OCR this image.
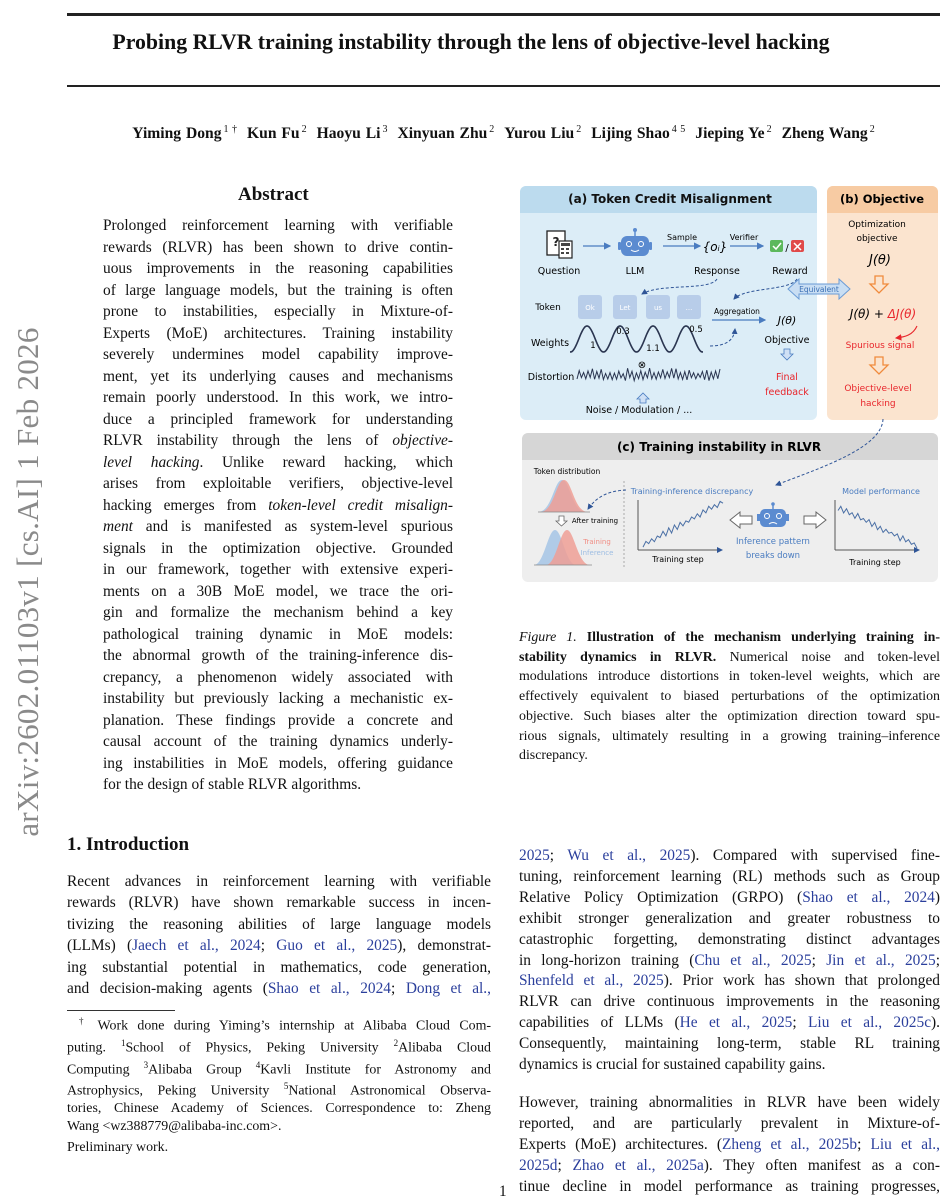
Probing RLVR training instability through the lens of objective-level hacking
Yiming Dong $^{1 \dagger}$ Kun Fu $^2$ Haoyu Li $^3$ Xinyuan Zhu $^2$ Yurou Liu $^2$ Lijing Shao $^{4 5}$ Jieping Ye $^2$ Zheng Wang $^2$
arXiv:2602.01103v1 [cs.AI] 1 Feb 2026
Abstract
Prolonged reinforcement learning with verifiable
rewards (RLVR) has been shown to drive contin-
uous improvements in the reasoning capabilities
of large language models, but the training is often
prone to instabilities, especially in Mixture-of-
Experts (MoE) architectures. Training instability
severely undermines model capability improve-
ment, yet its underlying causes and mechanisms
remain poorly understood. In this work, we intro-
duce a principled framework for understanding
RLVR instability through the lens of objective-
level hacking. Unlike reward hacking, which
arises from exploitable verifiers, objective-level
hacking emerges from token-level credit misalign-
ment and is manifested as system-level spurious
signals in the optimization objective. Grounded
in our framework, together with extensive experi-
ments on a 30B MoE model, we trace the ori-
gin and formalize the mechanism behind a key
pathological training dynamic in MoE models:
the abnormal growth of the training-inference dis-
crepancy, a phenomenon widely associated with
instability but previously lacking a mechanistic ex-
planation. These findings provide a concrete and
causal account of the training dynamics underly-
ing instabilities in MoE models, offering guidance
for the design of stable RLVR algorithms.
1. Introduction
Recent advances in reinforcement learning with verifiable
rewards (RLVR) have shown remarkable success in incen-
tivizing the reasoning abilities of large language models
(LLMs) (Jaech et al., 2024; Guo et al., 2025), demonstrat-
ing substantial potential in mathematics, code generation,
and decision-making agents (Shao et al., 2024; Dong et al.,
† Work done during Yiming’s internship at Alibaba Cloud Com-
puting. $^1$School of Physics, Peking University $^2$Alibaba Cloud
Computing $^3$Alibaba Group $^4$Kavli Institute for Astronomy and
Astrophysics, Peking University $^5$National Astronomical Observa-
tories, Chinese Academy of Sciences. Correspondence to: Zheng
Wang <wz388779@alibaba-inc.com>.
Preliminary work.
(a) Token Credit Misalignment
?
Question	LLM
Sample
{oᵢ}
Verifier
/
Response	Reward
Token	Ok	Let	us	...	Aggregation
J(θ)
Weights	1
0.3
1.1
0.5
Objective
Final
feedback
⊗
Distortion
Noise / Modulation / ...
(b) Objective
Optimization
objective
J(θ)
J(θ) + ΔJ(θ)
Spurious signal
Objective-level
hacking
Equivalent
(c) Training instability in RLVR
Token distribution
After training
Training
Inference
Training-inference discrepancy
Training step
Inference pattern
breaks down
Model performance
Training step
Figure 1. Illustration of the mechanism underlying training in-
stability dynamics in RLVR. Numerical noise and token-level
modulations introduce distortions in token-level weights, which are
effectively equivalent to biased perturbations of the optimization
objective. Such biases alter the optimization direction toward spu-
rious signals, ultimately resulting in a growing training–inference
discrepancy.
2025; Wu et al., 2025). Compared with supervised fine-
tuning, reinforcement learning (RL) methods such as Group
Relative Policy Optimization (GRPO) (Shao et al., 2024)
exhibit stronger generalization and greater robustness to
catastrophic forgetting, demonstrating distinct advantages
in long-horizon training (Chu et al., 2025; Jin et al., 2025;
Shenfeld et al., 2025). Prior work has shown that prolonged
RLVR can drive continuous improvements in the reasoning
capabilities of LLMs (He et al., 2025; Liu et al., 2025c).
Consequently, maintaining long-term, stable RL training
dynamics is crucial for sustained capability gains.
However, training abnormalities in RLVR have been widely
reported, and are particularly prevalent in Mixture-of-
Experts (MoE) architectures. (Zheng et al., 2025b; Liu et al.,
2025d; Zhao et al., 2025a). They often manifest as a con-
tinue decline in model performance as training progresses,
1
